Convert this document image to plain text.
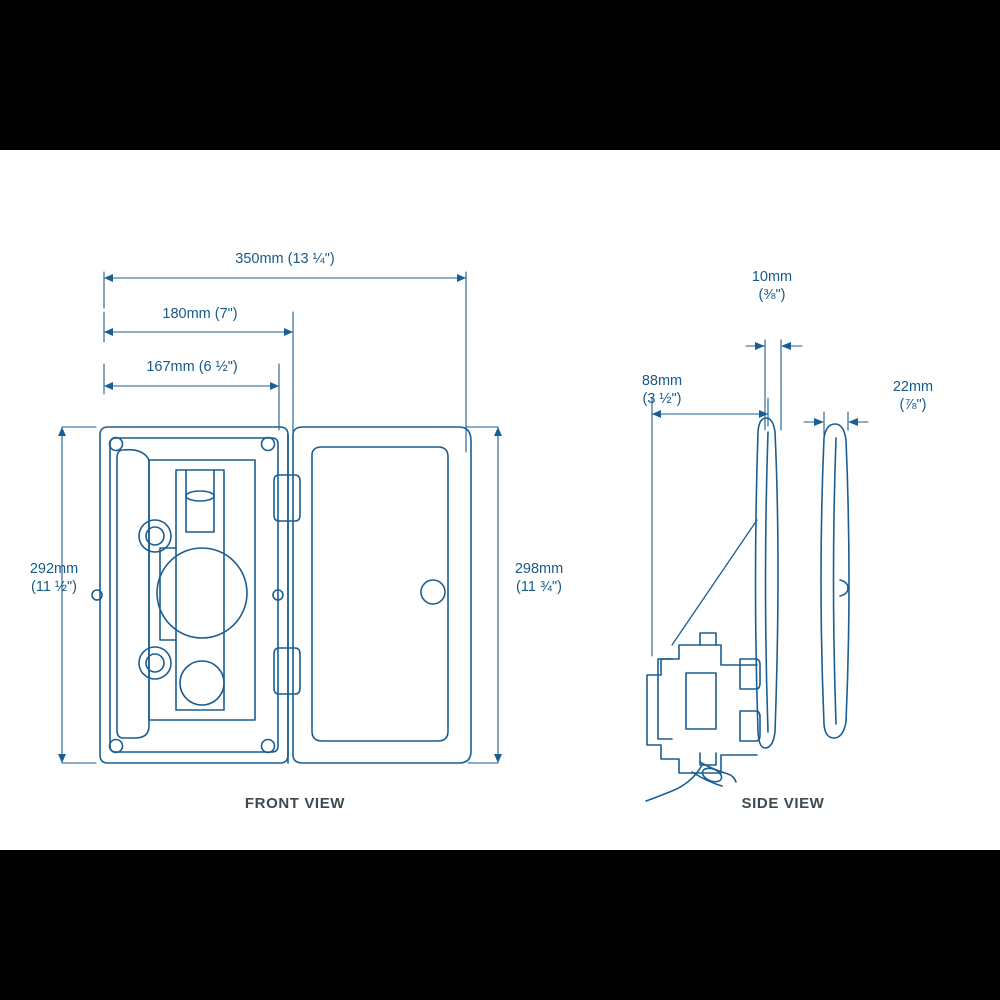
350mm (13 ¼")
180mm (7")
167mm (6 ½")
292mm
(11 ½")
298mm
(11 ¾")
10mm
(⅜")
88mm
(3 ½")
22mm
(⅞")
FRONT VIEW	SIDE VIEW
